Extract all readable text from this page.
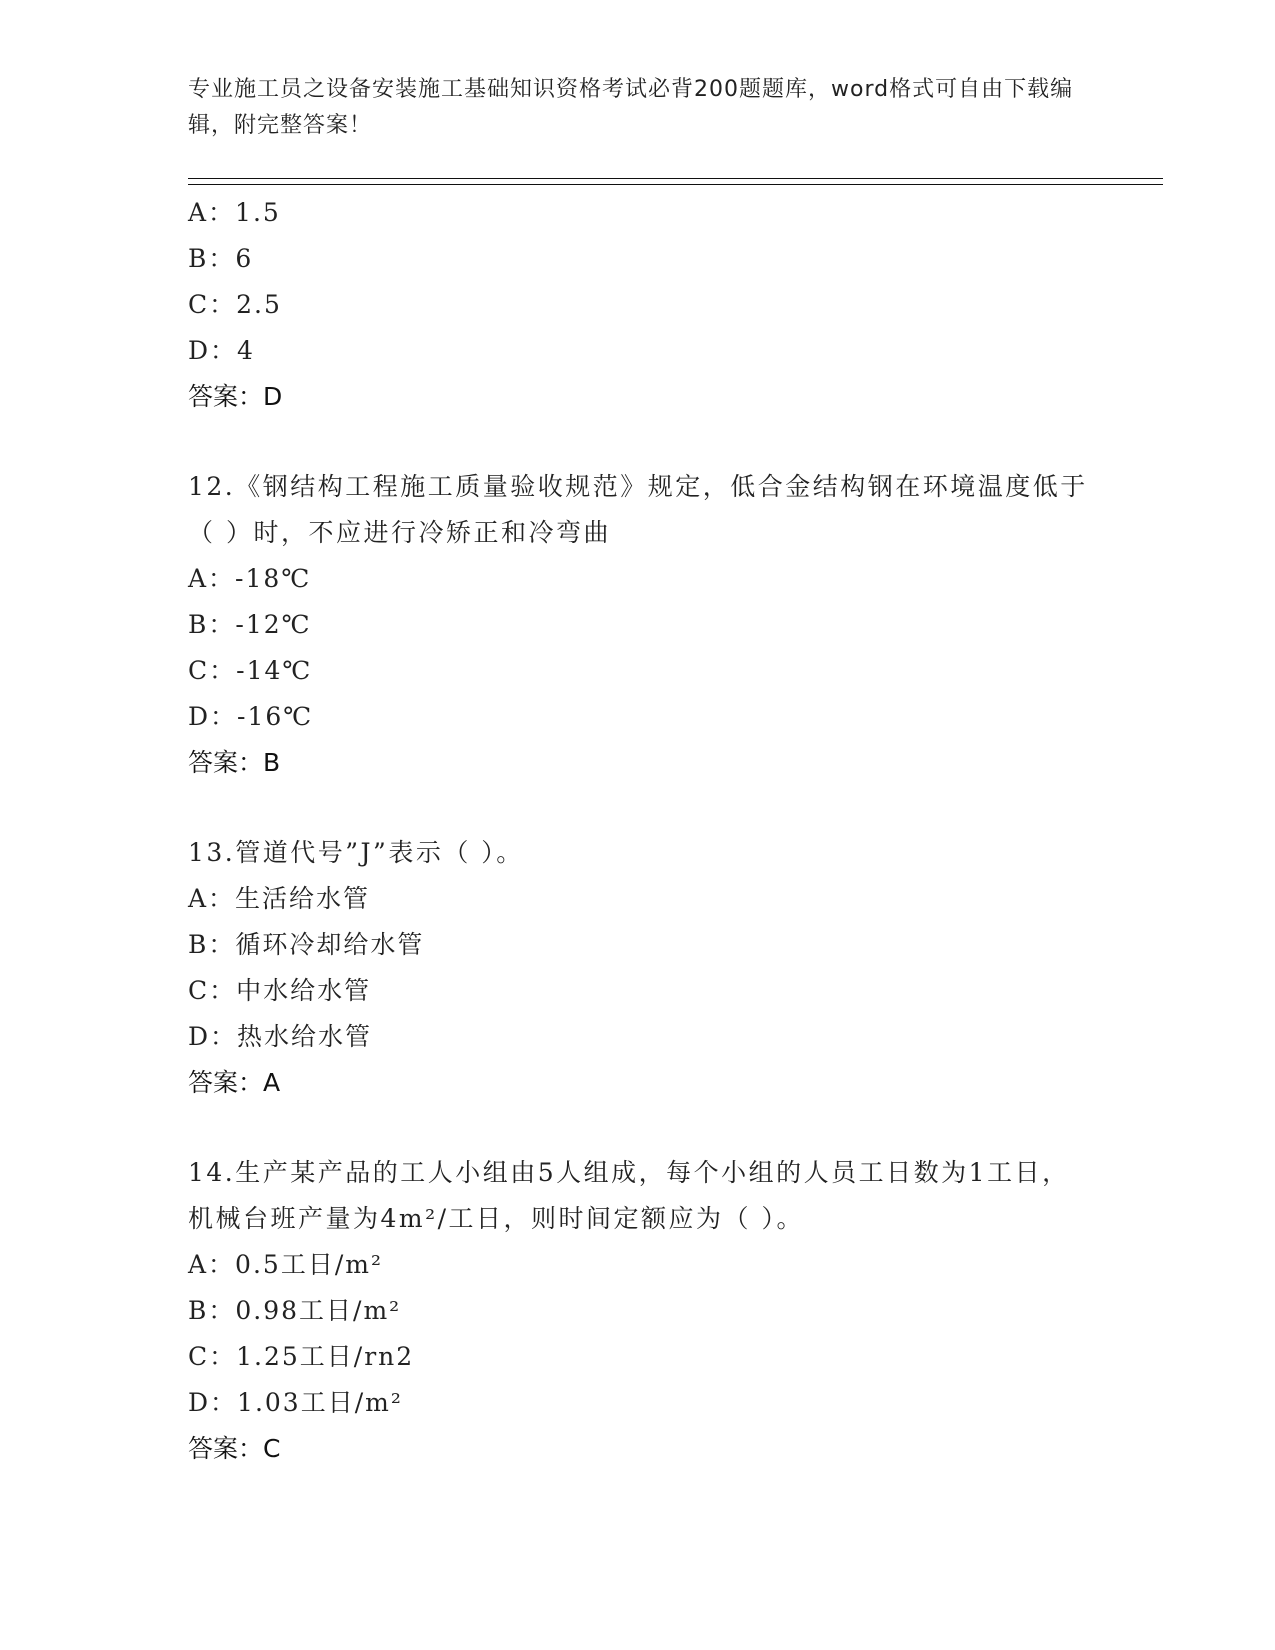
专业施工员之设备安装施工基础知识资格考试必背200题题库，word格式可自由下载编辑，附完整答案！
A：1.5
B：6
C：2.5
D：4
答案：D
12.《钢结构工程施工质量验收规范》规定，低合金结构钢在环境温度低于（ ）时，不应进行冷矫正和冷弯曲
A：-18℃
B：-12℃
C：-14℃
D：-16℃
答案：B
13.管道代号”J”表示（ ）。
A：生活给水管
B：循环冷却给水管
C：中水给水管
D：热水给水管
答案：A
14.生产某产品的工人小组由5人组成，每个小组的人员工日数为1工日，机械台班产量为4m²/工日，则时间定额应为（ ）。
A：0.5工日/m²
B：0.98工日/m²
C：1.25工日/rn2
D：1.03工日/m²
答案：C
